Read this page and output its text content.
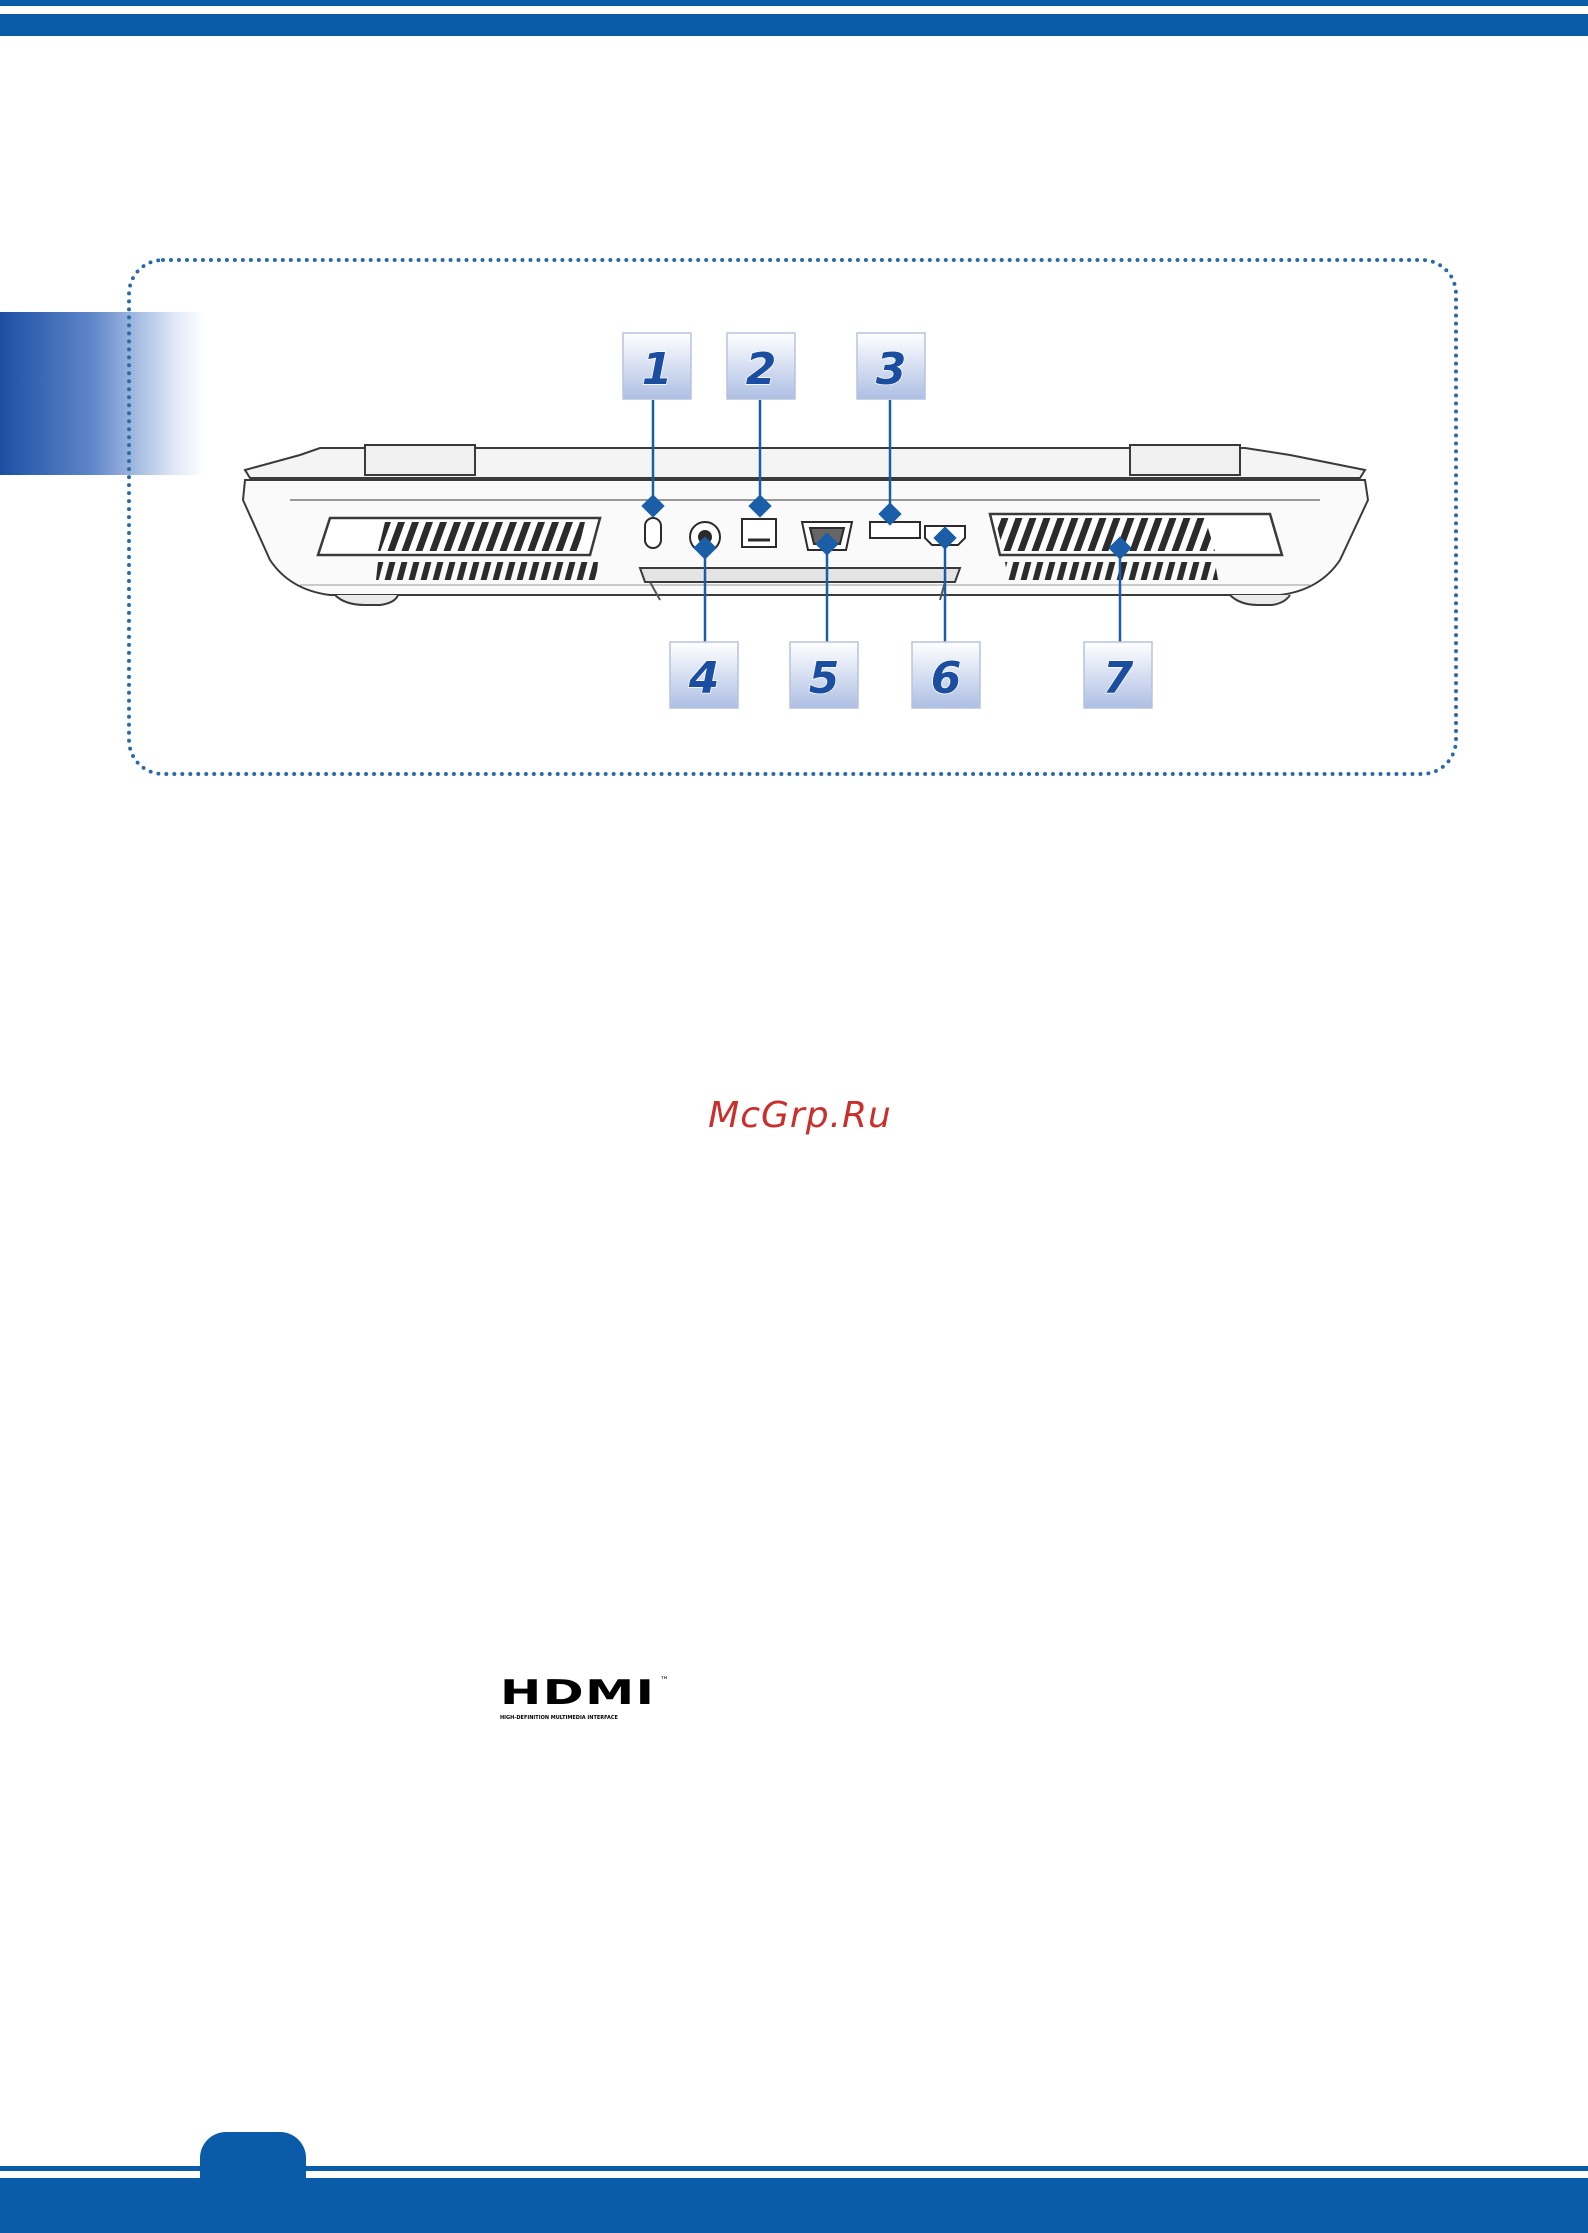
1 2 3
4 5 6	7
McGrp.Ru
HDMI ™
HIGH-DEFINITION MULTIMEDIA INTERFACE
